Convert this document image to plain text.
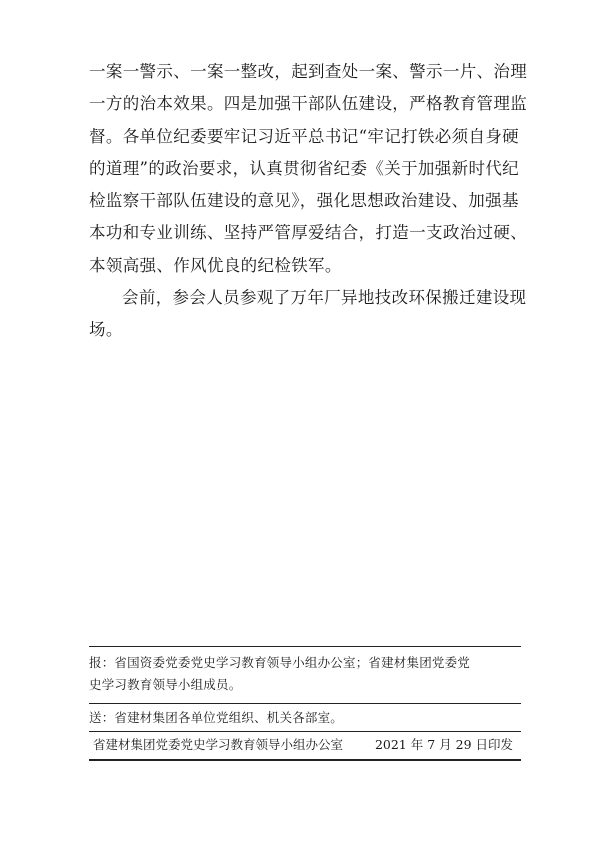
一案一警示、一案一整改，起到查处一案、警示一片、治理
一方的治本效果。四是加强干部队伍建设，严格教育管理监
督。各单位纪委要牢记习近平总书记“牢记打铁必须自身硬
的道理”的政治要求，认真贯彻省纪委《关于加强新时代纪
检监察干部队伍建设的意见》，强化思想政治建设、加强基
本功和专业训练、坚持严管厚爱结合，打造一支政治过硬、
本领高强、作风优良的纪检铁军。
会前，参会人员参观了万年厂异地技改环保搬迁建设现
场。
报：省国资委党委党史学习教育领导小组办公室；省建材集团党委党
史学习教育领导小组成员。
送：省建材集团各单位党组织、机关各部室。
省建材集团党委党史学习教育领导小组办公室	2021 年 7 月 29 日印发
